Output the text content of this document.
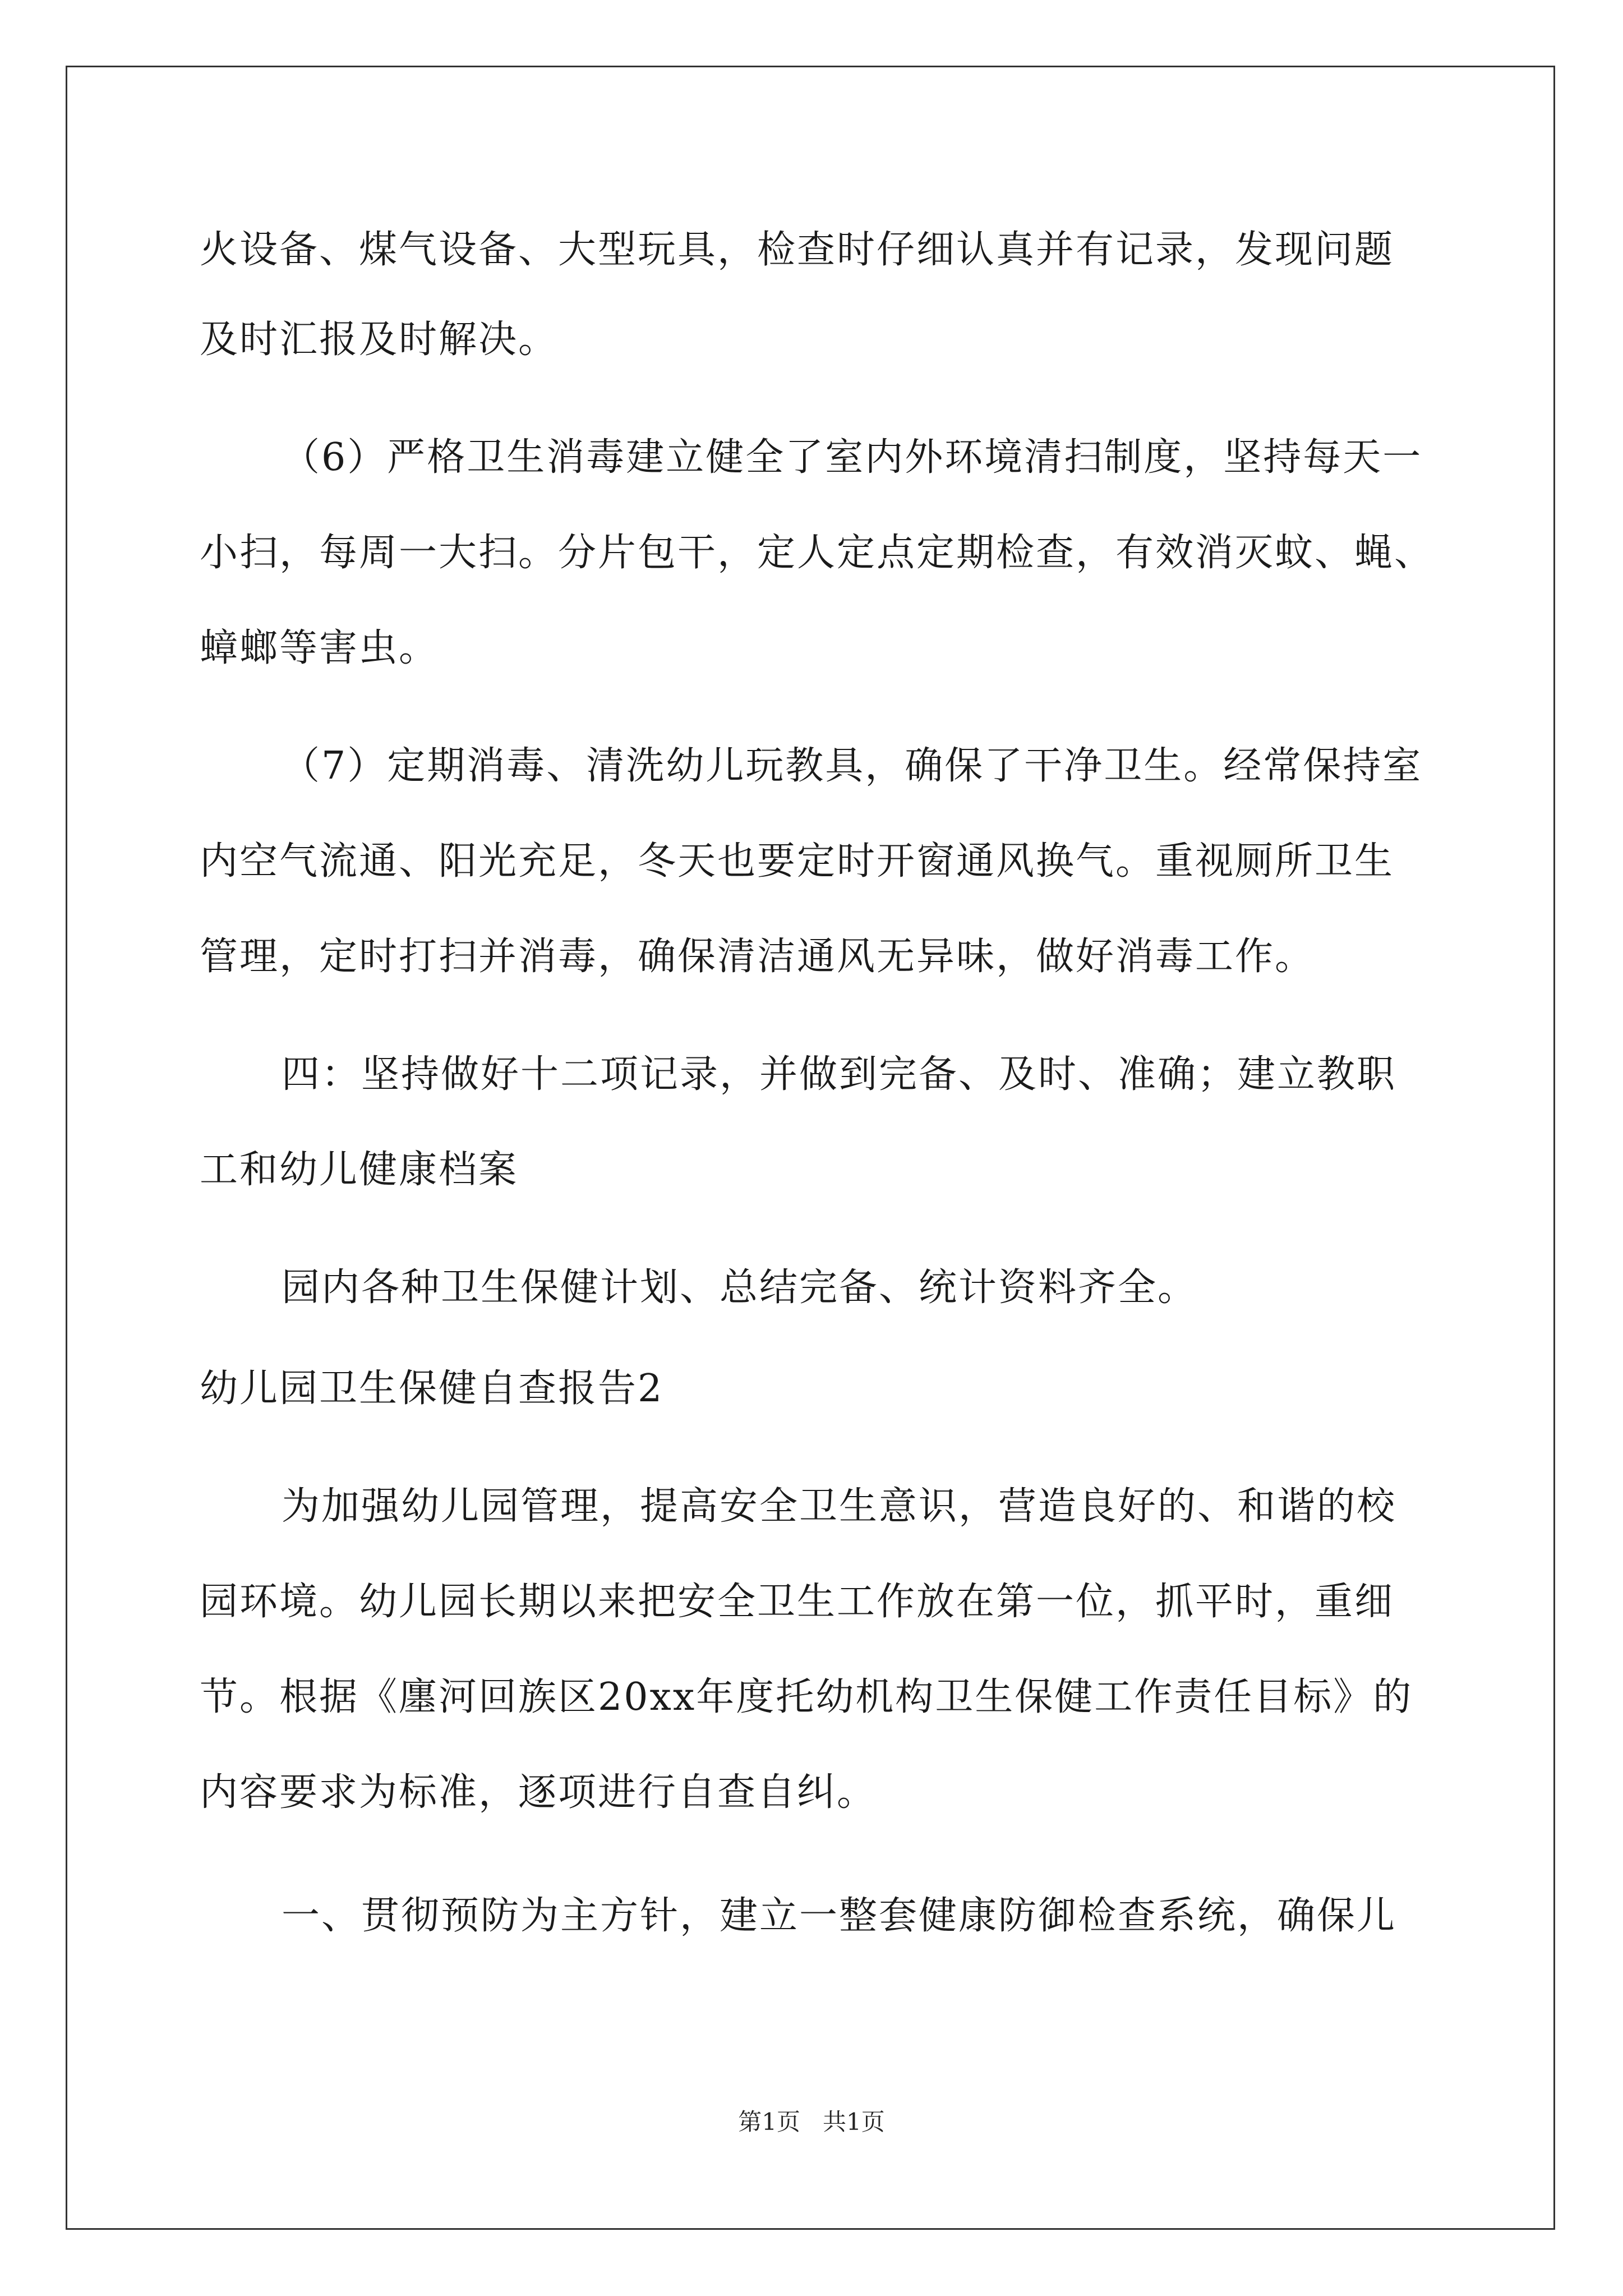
火设备、煤气设备、大型玩具，检查时仔细认真并有记录，发现问题
及时汇报及时解决。
（6）严格卫生消毒建立健全了室内外环境清扫制度，坚持每天一
小扫，每周一大扫。分片包干，定人定点定期检查，有效消灭蚊、蝇、
蟑螂等害虫。
（7）定期消毒、清洗幼儿玩教具，确保了干净卫生。经常保持室
内空气流通、阳光充足，冬天也要定时开窗通风换气。重视厕所卫生
管理，定时打扫并消毒，确保清洁通风无异味，做好消毒工作。
四：坚持做好十二项记录，并做到完备、及时、准确；建立教职
工和幼儿健康档案
园内各种卫生保健计划、总结完备、统计资料齐全。
幼儿园卫生保健自查报告2
为加强幼儿园管理，提高安全卫生意识，营造良好的、和谐的校
园环境。幼儿园长期以来把安全卫生工作放在第一位，抓平时，重细
节。根据《廛河回族区20xx年度托幼机构卫生保健工作责任目标》的
内容要求为标准，逐项进行自查自纠。
一、贯彻预防为主方针，建立一整套健康防御检查系统，确保儿
第1页   共1页
